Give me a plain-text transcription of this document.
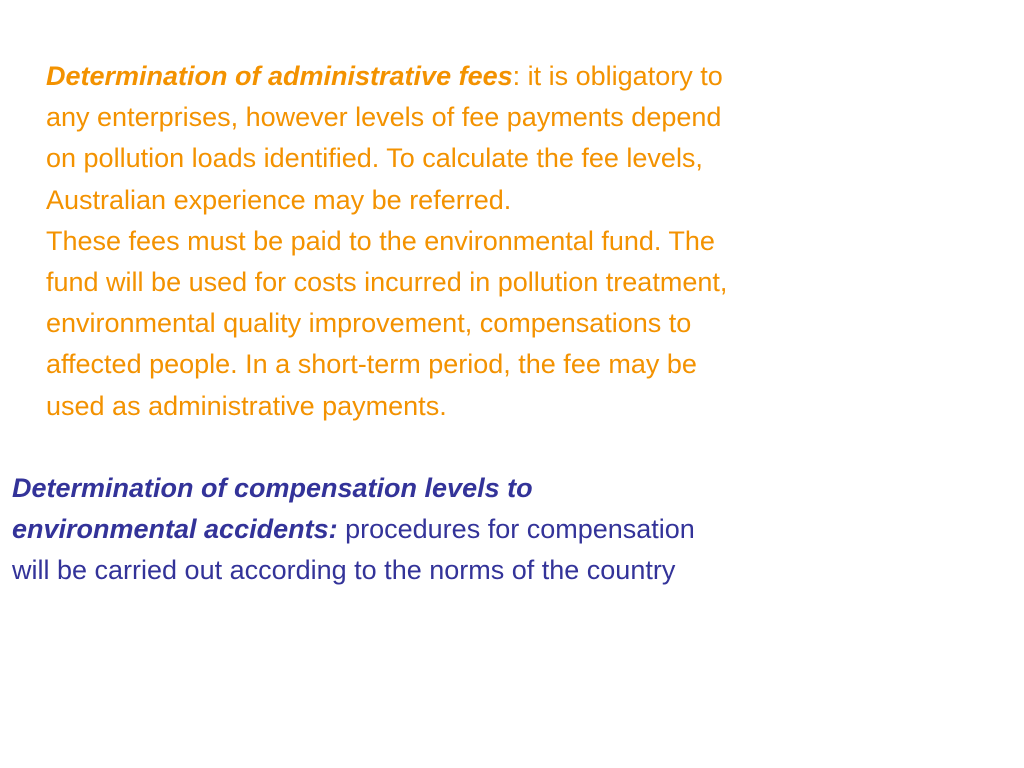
Determination of administrative fees: it is obligatory to

any enterprises, however levels of fee payments depend

on pollution loads identified. To calculate the fee levels,

Australian experience may be referred.

These fees must be paid to the environmental fund. The

fund will be used for costs incurred in pollution treatment,

environmental quality improvement, compensations to

affected people. In a short-term period, the fee may be

used as administrative payments.

Determination of compensation levels to

environmental accidents: procedures for compensation

will be carried out according to the norms of the country
